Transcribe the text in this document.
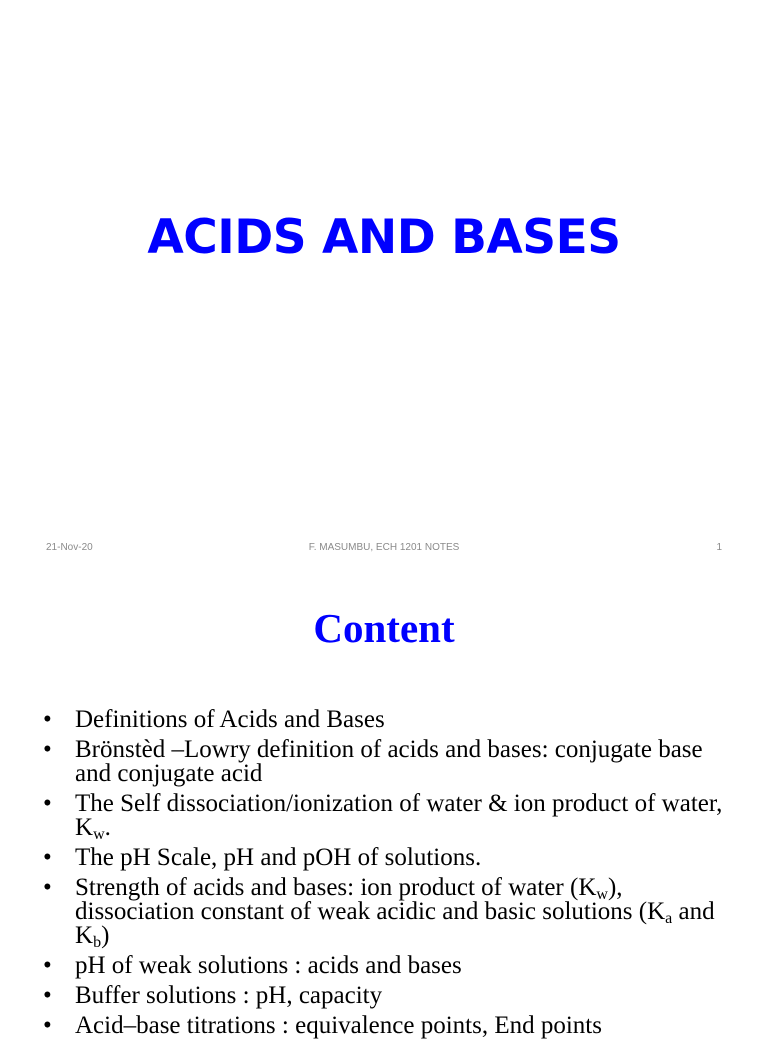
ACIDS AND BASES
21-Nov-20	F. MASUMBU, ECH 1201 NOTES	1
Content
• Definitions of Acids and Bases
• Brönstèd –Lowry definition of acids and bases: conjugate base and conjugate acid
• The Self dissociation/ionization of water & ion product of water, $K_w$.
• The pH Scale, pH and pOH of solutions.
• Strength of acids and bases: ion product of water $(K_w)$, dissociation constant of weak acidic and basic solutions ($K_a$ and $K_b$)
• pH of weak solutions : acids and bases
• Buffer solutions : pH, capacity
• Acid–base titrations : equivalence points, End points
